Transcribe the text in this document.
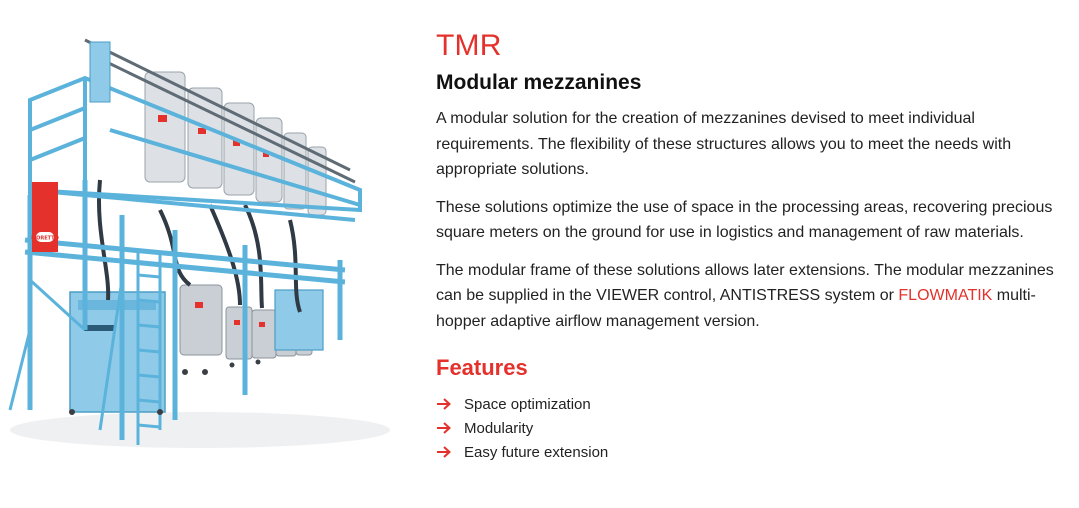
MORETTO
TMR
Modular mezzanines

A modular solution for the creation of mezzanines devised to meet individual requirements. The flexibility of these structures allows you to meet the needs with appropriate solutions.

These solutions optimize the use of space in the processing areas, recovering precious square meters on the ground for use in logistics and management of raw materials.

The modular frame of these solutions allows later extensions. The modular mezzanines can be supplied in the VIEWER control, ANTISTRESS system or FLOWMATIK multi-hopper adaptive airflow management version.

Features
Space optimization
Modularity
Easy future extension
